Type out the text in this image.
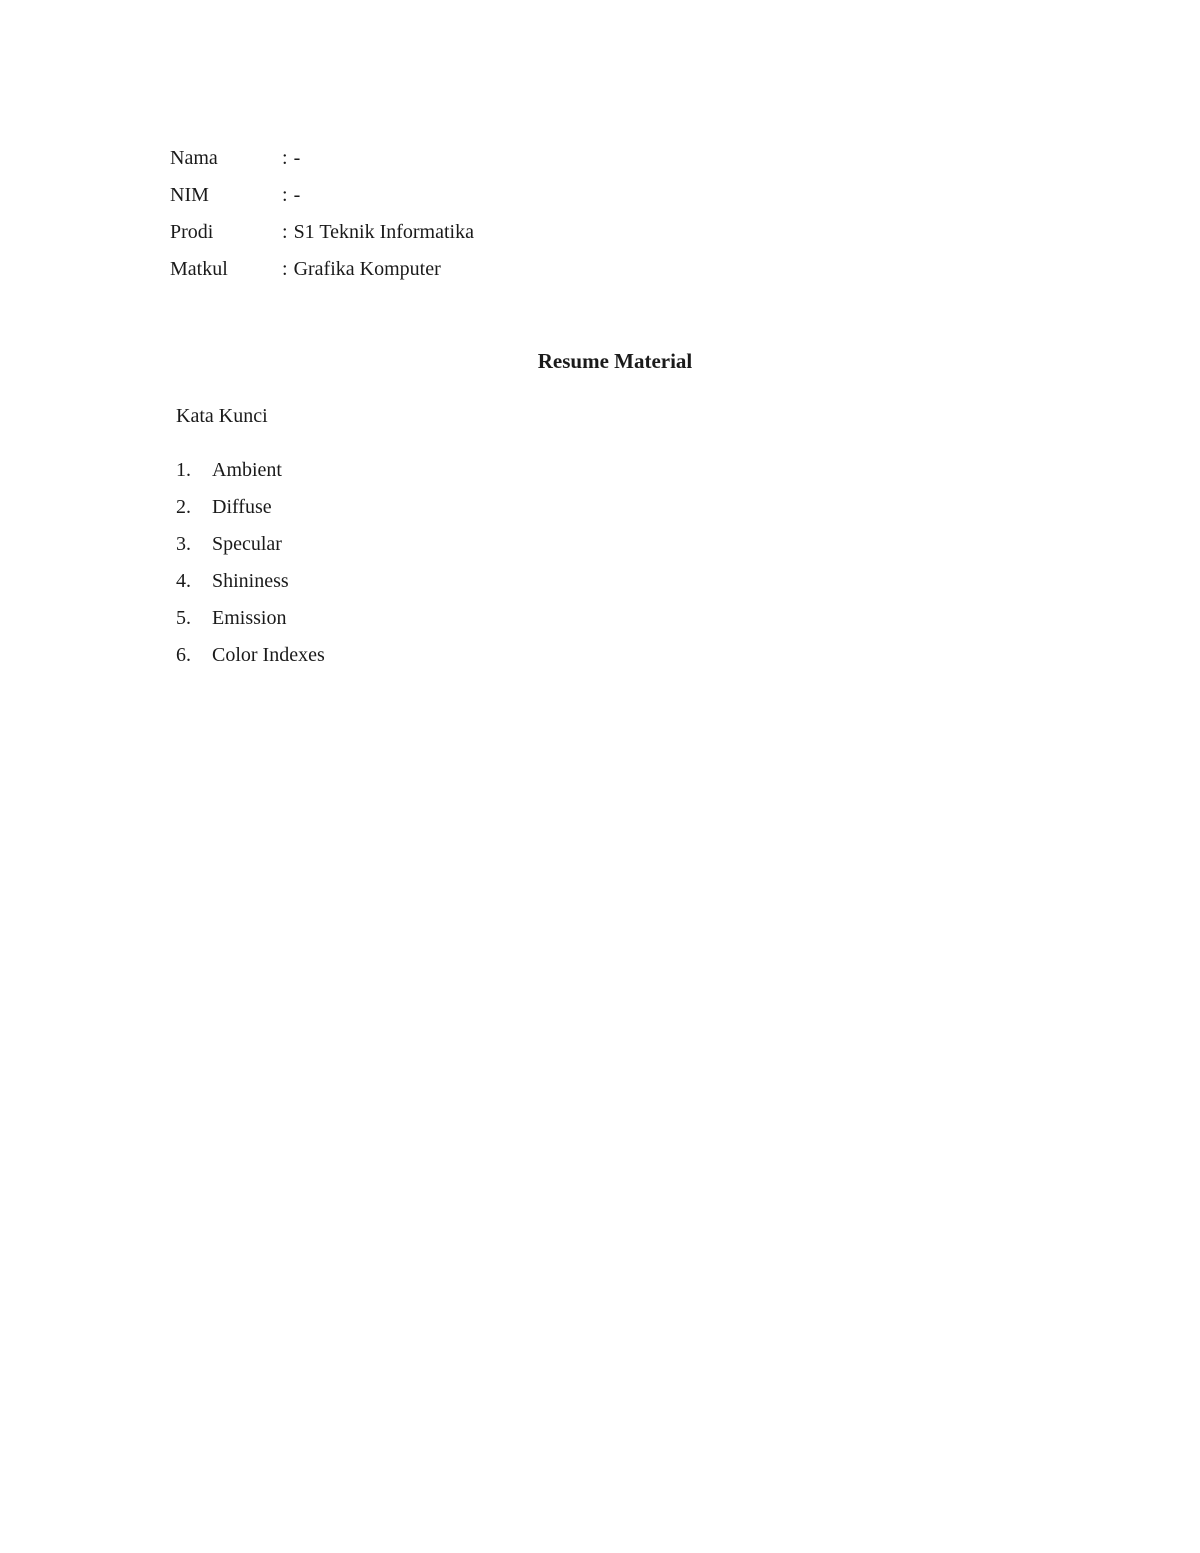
Nama	: -
NIM	: -
Prodi	: S1 Teknik Informatika
Matkul	: Grafika Komputer
Resume Material
Kata Kunci
1.	Ambient
2.	Diffuse
3.	Specular
4.	Shininess
5.	Emission
6.	Color Indexes
